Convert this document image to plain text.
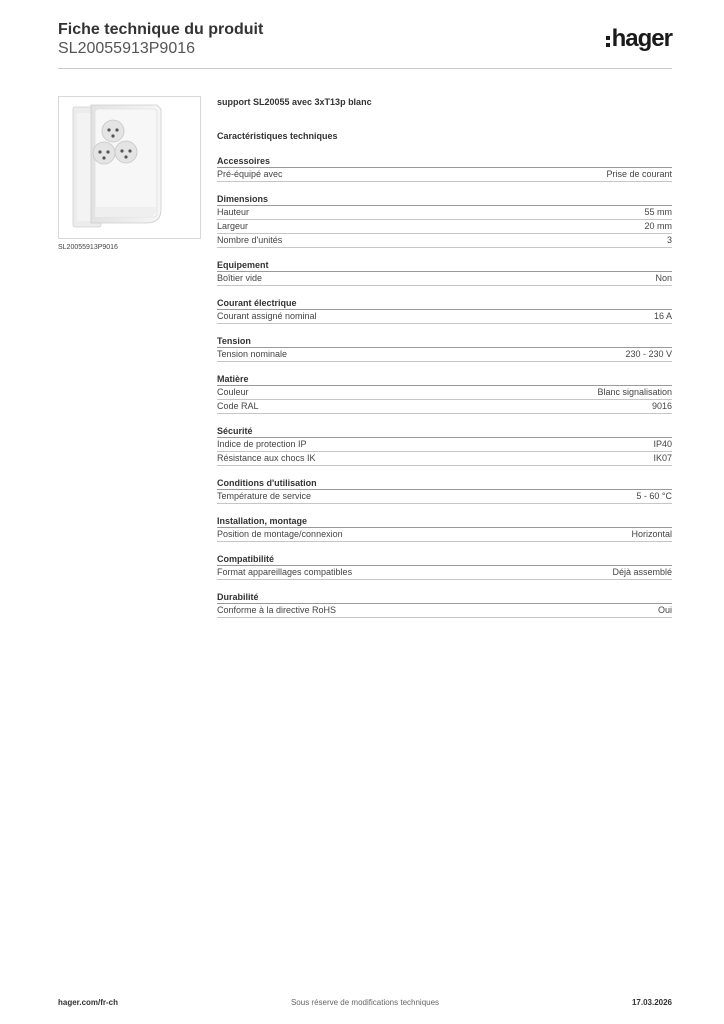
Fiche technique du produit

SL20055913P9016	hager
SL20055913P9016
support SL20055 avec 3xT13p blanc
Caractéristiques techniques
Accessoires
Pré-équipé avec	Prise de courant
Dimensions
Hauteur	55 mm
Largeur	20 mm
Nombre d'unités	3
Equipement
Boîtier vide	Non
Courant électrique
Courant assigné nominal	16 A
Tension
Tension nominale	230 - 230 V
Matière
Couleur	Blanc signalisation
Code RAL	9016
Sécurité
Indice de protection IP	IP40
Résistance aux chocs IK	IK07
Conditions d'utilisation
Température de service	5 - 60 °C
Installation, montage
Position de montage/connexion	Horizontal
Compatibilité
Format appareillages compatibles	Déjà assemblé
Durabilité
Conforme à la directive RoHS	Oui
hager.com/fr-ch	Sous réserve de modifications techniques	17.03.2026
